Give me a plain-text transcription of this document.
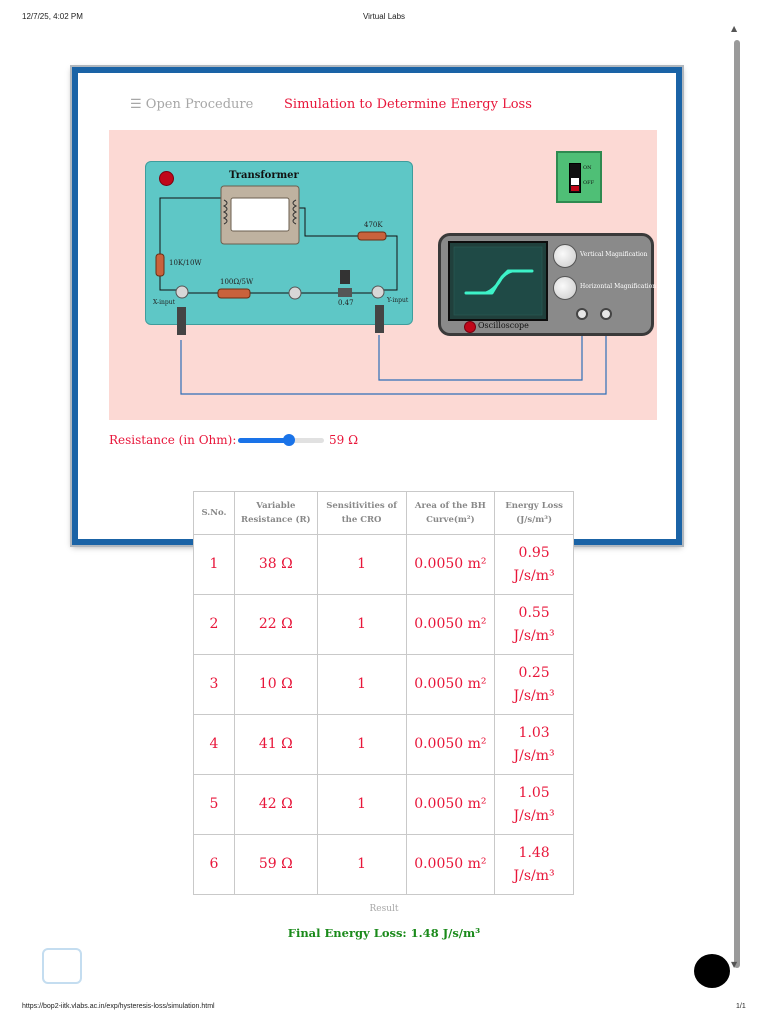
12/7/25, 4:02 PM	Virtual Labs
☰ Open Procedure Simulation to Determine Energy Loss
Transformer
470K
10K/10W
100Ω/5W
0.47
X-input	Y-input
ON
OFF
Vertical Magnification
Horizontal Magnification
Oscilloscope
Resistance (in Ohm):	59 Ω
S.No.	Variable Resistance (R)	Sensitivities of the CRO	Area of the BH Curve(m²)	Energy Loss (J/s/m³)
1	38 Ω	1	0.0050 m²	0.95 J/s/m³
2	22 Ω	1	0.0050 m²	0.55 J/s/m³
3	10 Ω	1	0.0050 m²	0.25 J/s/m³
4	41 Ω	1	0.0050 m²	1.03 J/s/m³
5	42 Ω	1	0.0050 m²	1.05 J/s/m³
6	59 Ω	1	0.0050 m²	1.48 J/s/m³
Result
Final Energy Loss: 1.48 J/s/m³
▲
▼
https://bop2-iitk.vlabs.ac.in/exp/hysteresis-loss/simulation.html	1/1
